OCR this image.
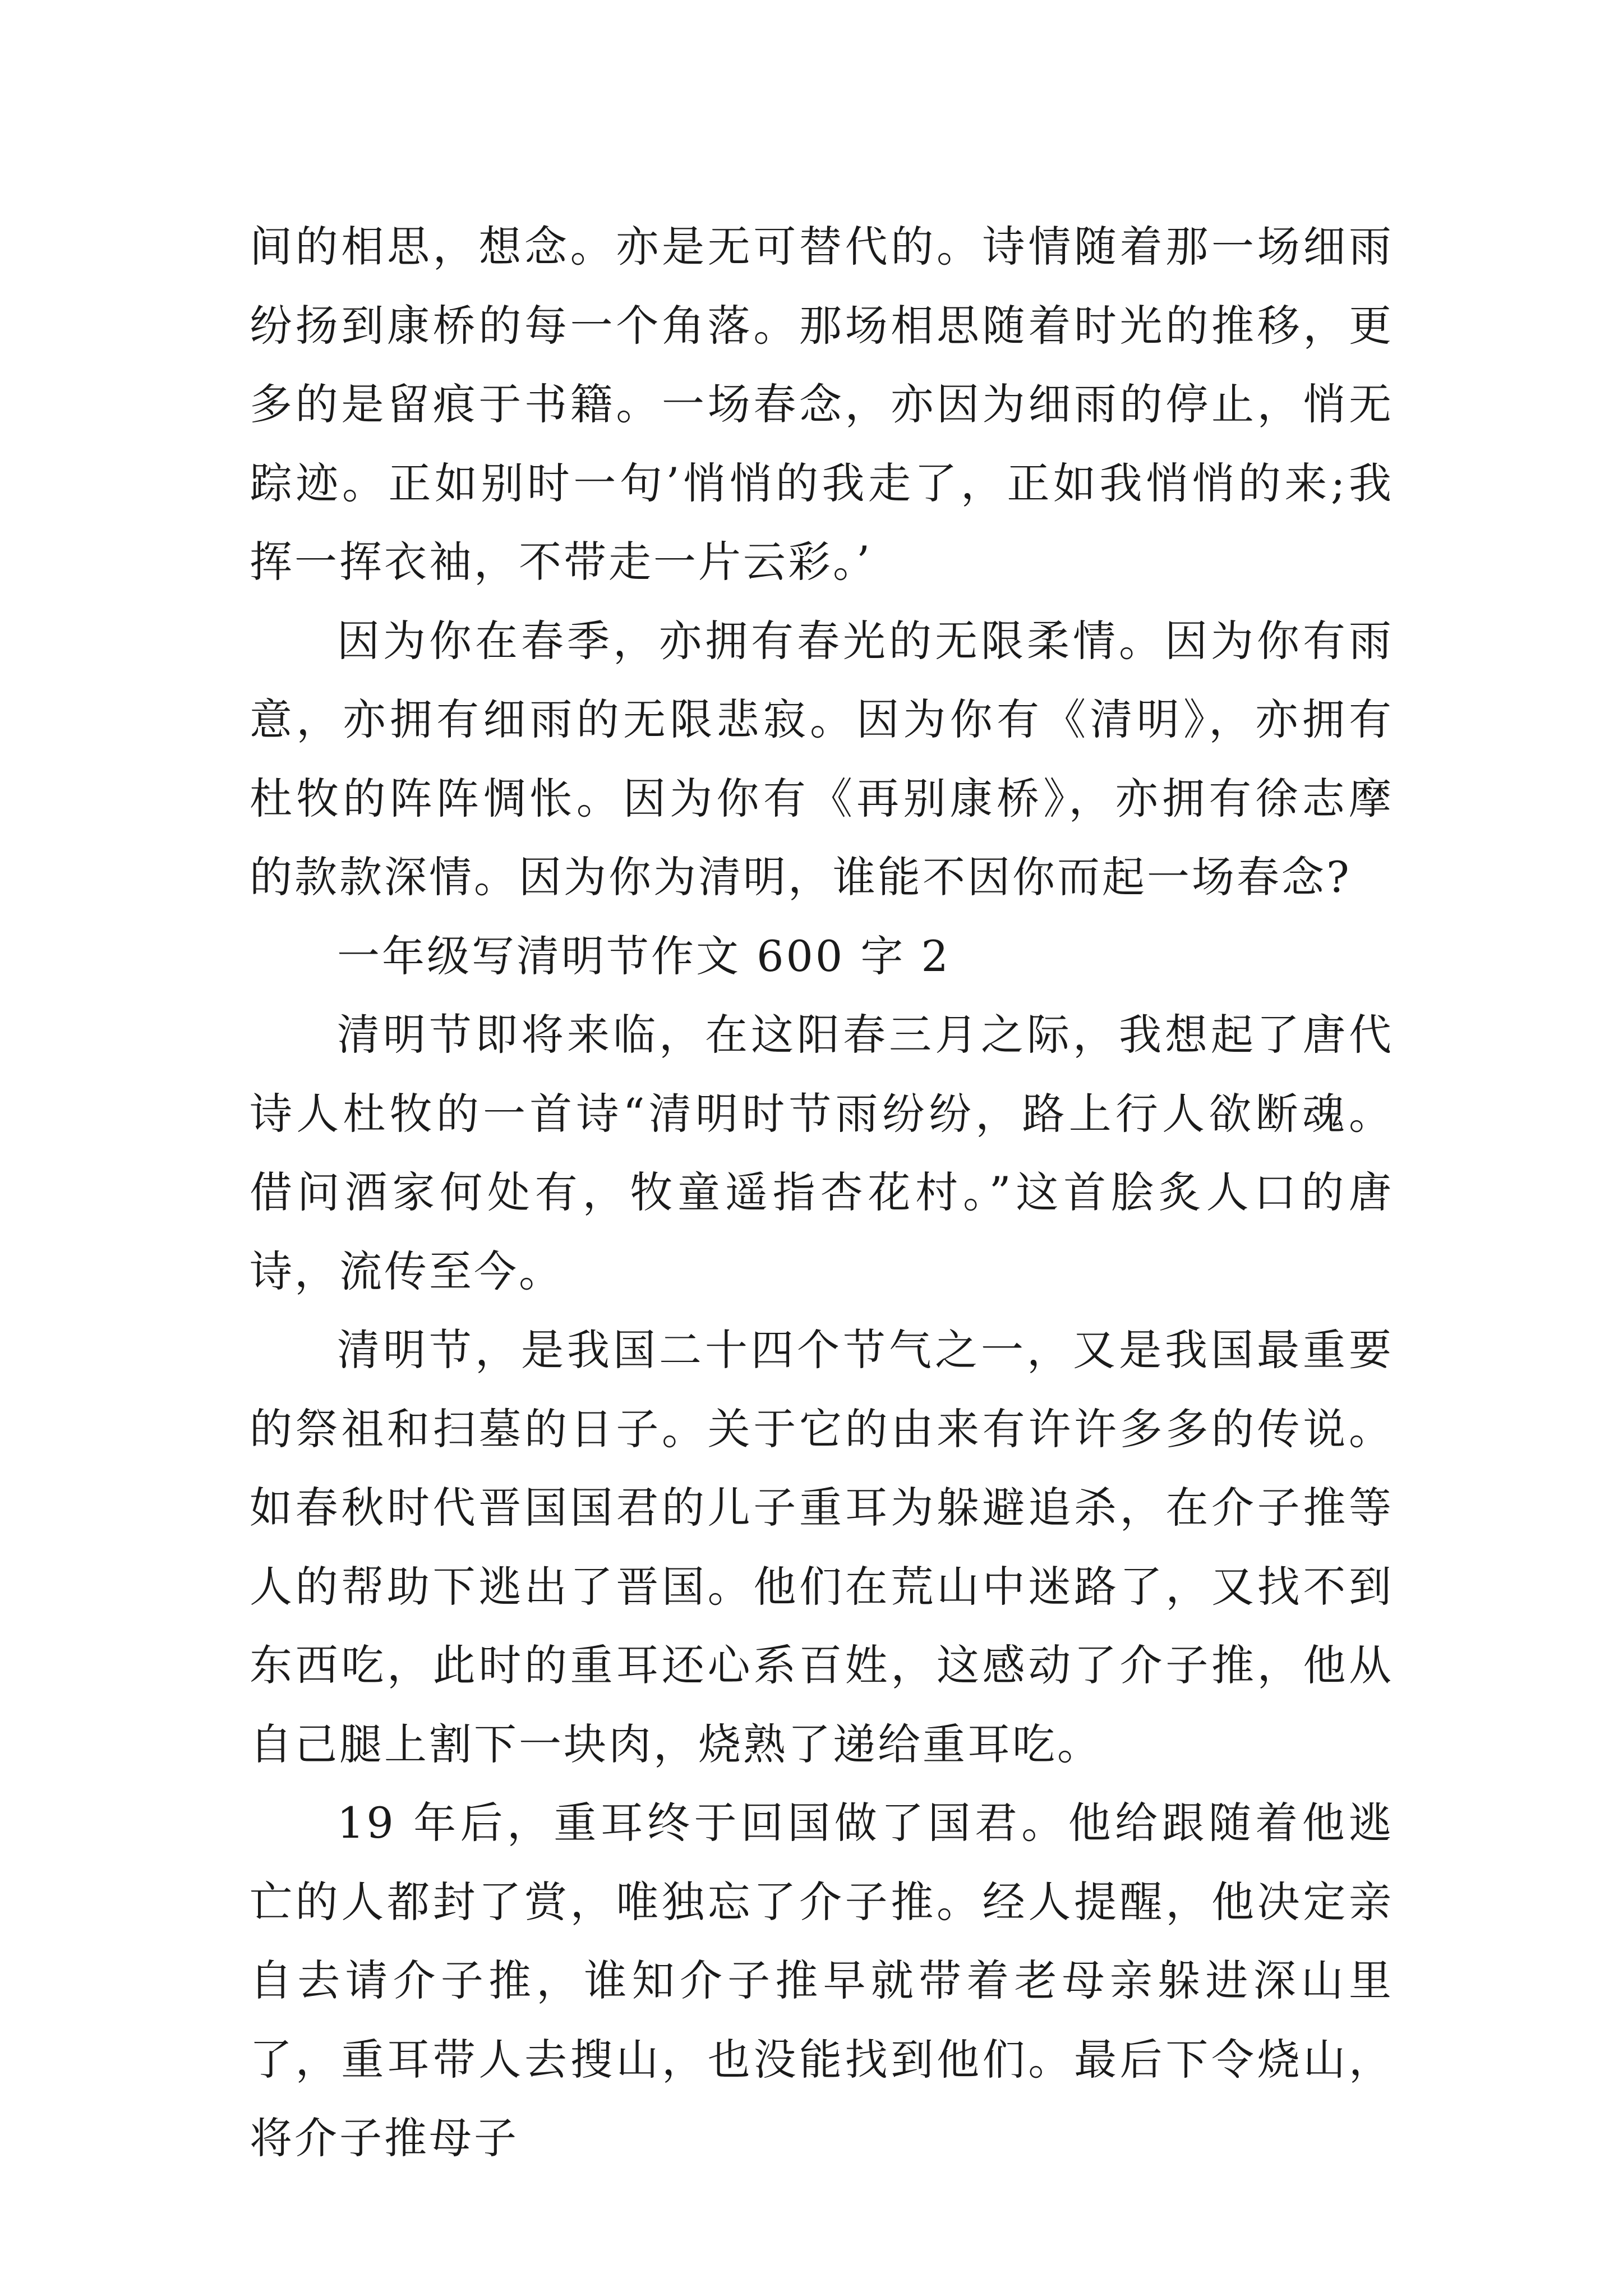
间的相思，想念。亦是无可替代的。诗情随着那一场细雨纷扬到康桥的每一个角落。那场相思随着时光的推移，更多的是留痕于书籍。一场春念，亦因为细雨的停止，悄无踪迹。正如别时一句’悄悄的我走了，正如我悄悄的来;我挥一挥衣袖，不带走一片云彩。’

因为你在春季，亦拥有春光的无限柔情。因为你有雨意，亦拥有细雨的无限悲寂。因为你有《清明》，亦拥有杜牧的阵阵惆怅。因为你有《再别康桥》，亦拥有徐志摩的款款深情。因为你为清明，谁能不因你而起一场春念?

一年级写清明节作文 600 字 2

清明节即将来临，在这阳春三月之际，我想起了唐代诗人杜牧的一首诗“清明时节雨纷纷，路上行人欲断魂。借问酒家何处有，牧童遥指杏花村。”这首脍炙人口的唐诗，流传至今。

清明节，是我国二十四个节气之一，又是我国最重要的祭祖和扫墓的日子。关于它的由来有许许多多的传说。如春秋时代晋国国君的儿子重耳为躲避追杀，在介子推等人的帮助下逃出了晋国。他们在荒山中迷路了，又找不到东西吃，此时的重耳还心系百姓，这感动了介子推，他从自己腿上割下一块肉，烧熟了递给重耳吃。

19 年后，重耳终于回国做了国君。他给跟随着他逃亡的人都封了赏，唯独忘了介子推。经人提醒，他决定亲自去请介子推，谁知介子推早就带着老母亲躲进深山里了，重耳带人去搜山，也没能找到他们。最后下令烧山，将介子推母子
